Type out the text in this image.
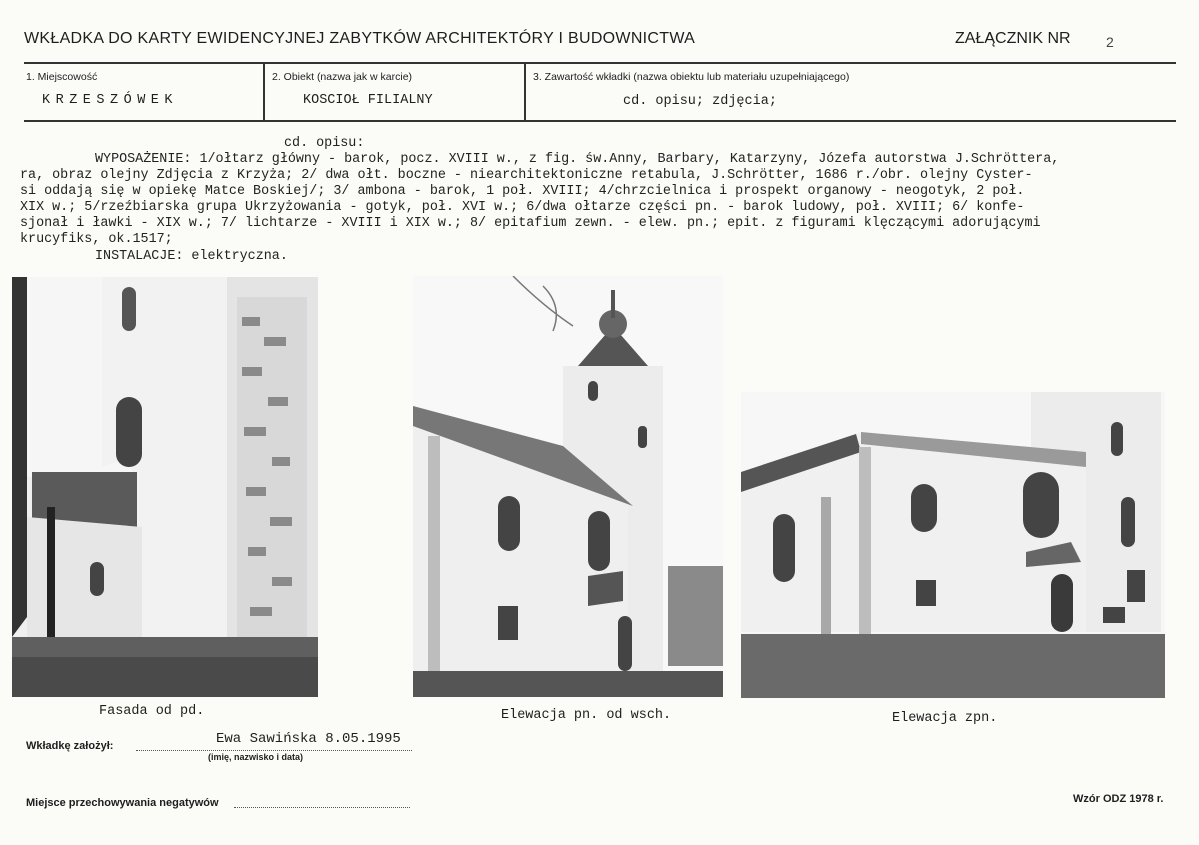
WKŁADKA DO KARTY EWIDENCYJNEJ ZABYTKÓW ARCHITEKTÓRY I BUDOWNICTWA	ZAŁĄCZNIK NR	2
1. Miejscowość
KRZESZÓWEK
2. Obiekt (nazwa jak w karcie)
KOSCIOŁ FILIALNY
3. Zawartość wkładki (nazwa obiektu lub materiału uzupełniającego)
cd. opisu; zdjęcia;
cd. opisu:
WYPOSAŻENIE: 1/ołtarz główny - barok, pocz. XVIII w., z fig. św.Anny, Barbary, Katarzyny, Józefa autorstwa J.Schröttera,
ra, obraz olejny Zdjęcia z Krzyża; 2/ dwa ołt. boczne - niearchitektoniczne retabula, J.Schrötter, 1686 r./obr. olejny Cyster-
si oddają się w opiekę Matce Boskiej/; 3/ ambona - barok, 1 poł. XVIII; 4/chrzcielnica i prospekt organowy - neogotyk, 2 poł.
XIX w.; 5/rzeźbiarska grupa Ukrzyżowania - gotyk, poł. XVI w.; 6/dwa ołtarze części pn. - barok ludowy, poł. XVIII; 6/ konfe-
sjonał i ławki - XIX w.; 7/ lichtarze - XVIII i XIX w.; 8/ epitafium zewn. - elew. pn.; epit. z figurami klęczącymi adorującymi
krucyfiks, ok.1517;
INSTALACJE: elektryczna.
Fasada od pd.	Elewacja pn. od wsch.	Elewacja zpn.
Wkładkę założył:	Ewa Sawińska 8.05.1995
(imię, nazwisko i data)
Miejsce przechowywania negatywów	Wzór ODZ 1978 r.
